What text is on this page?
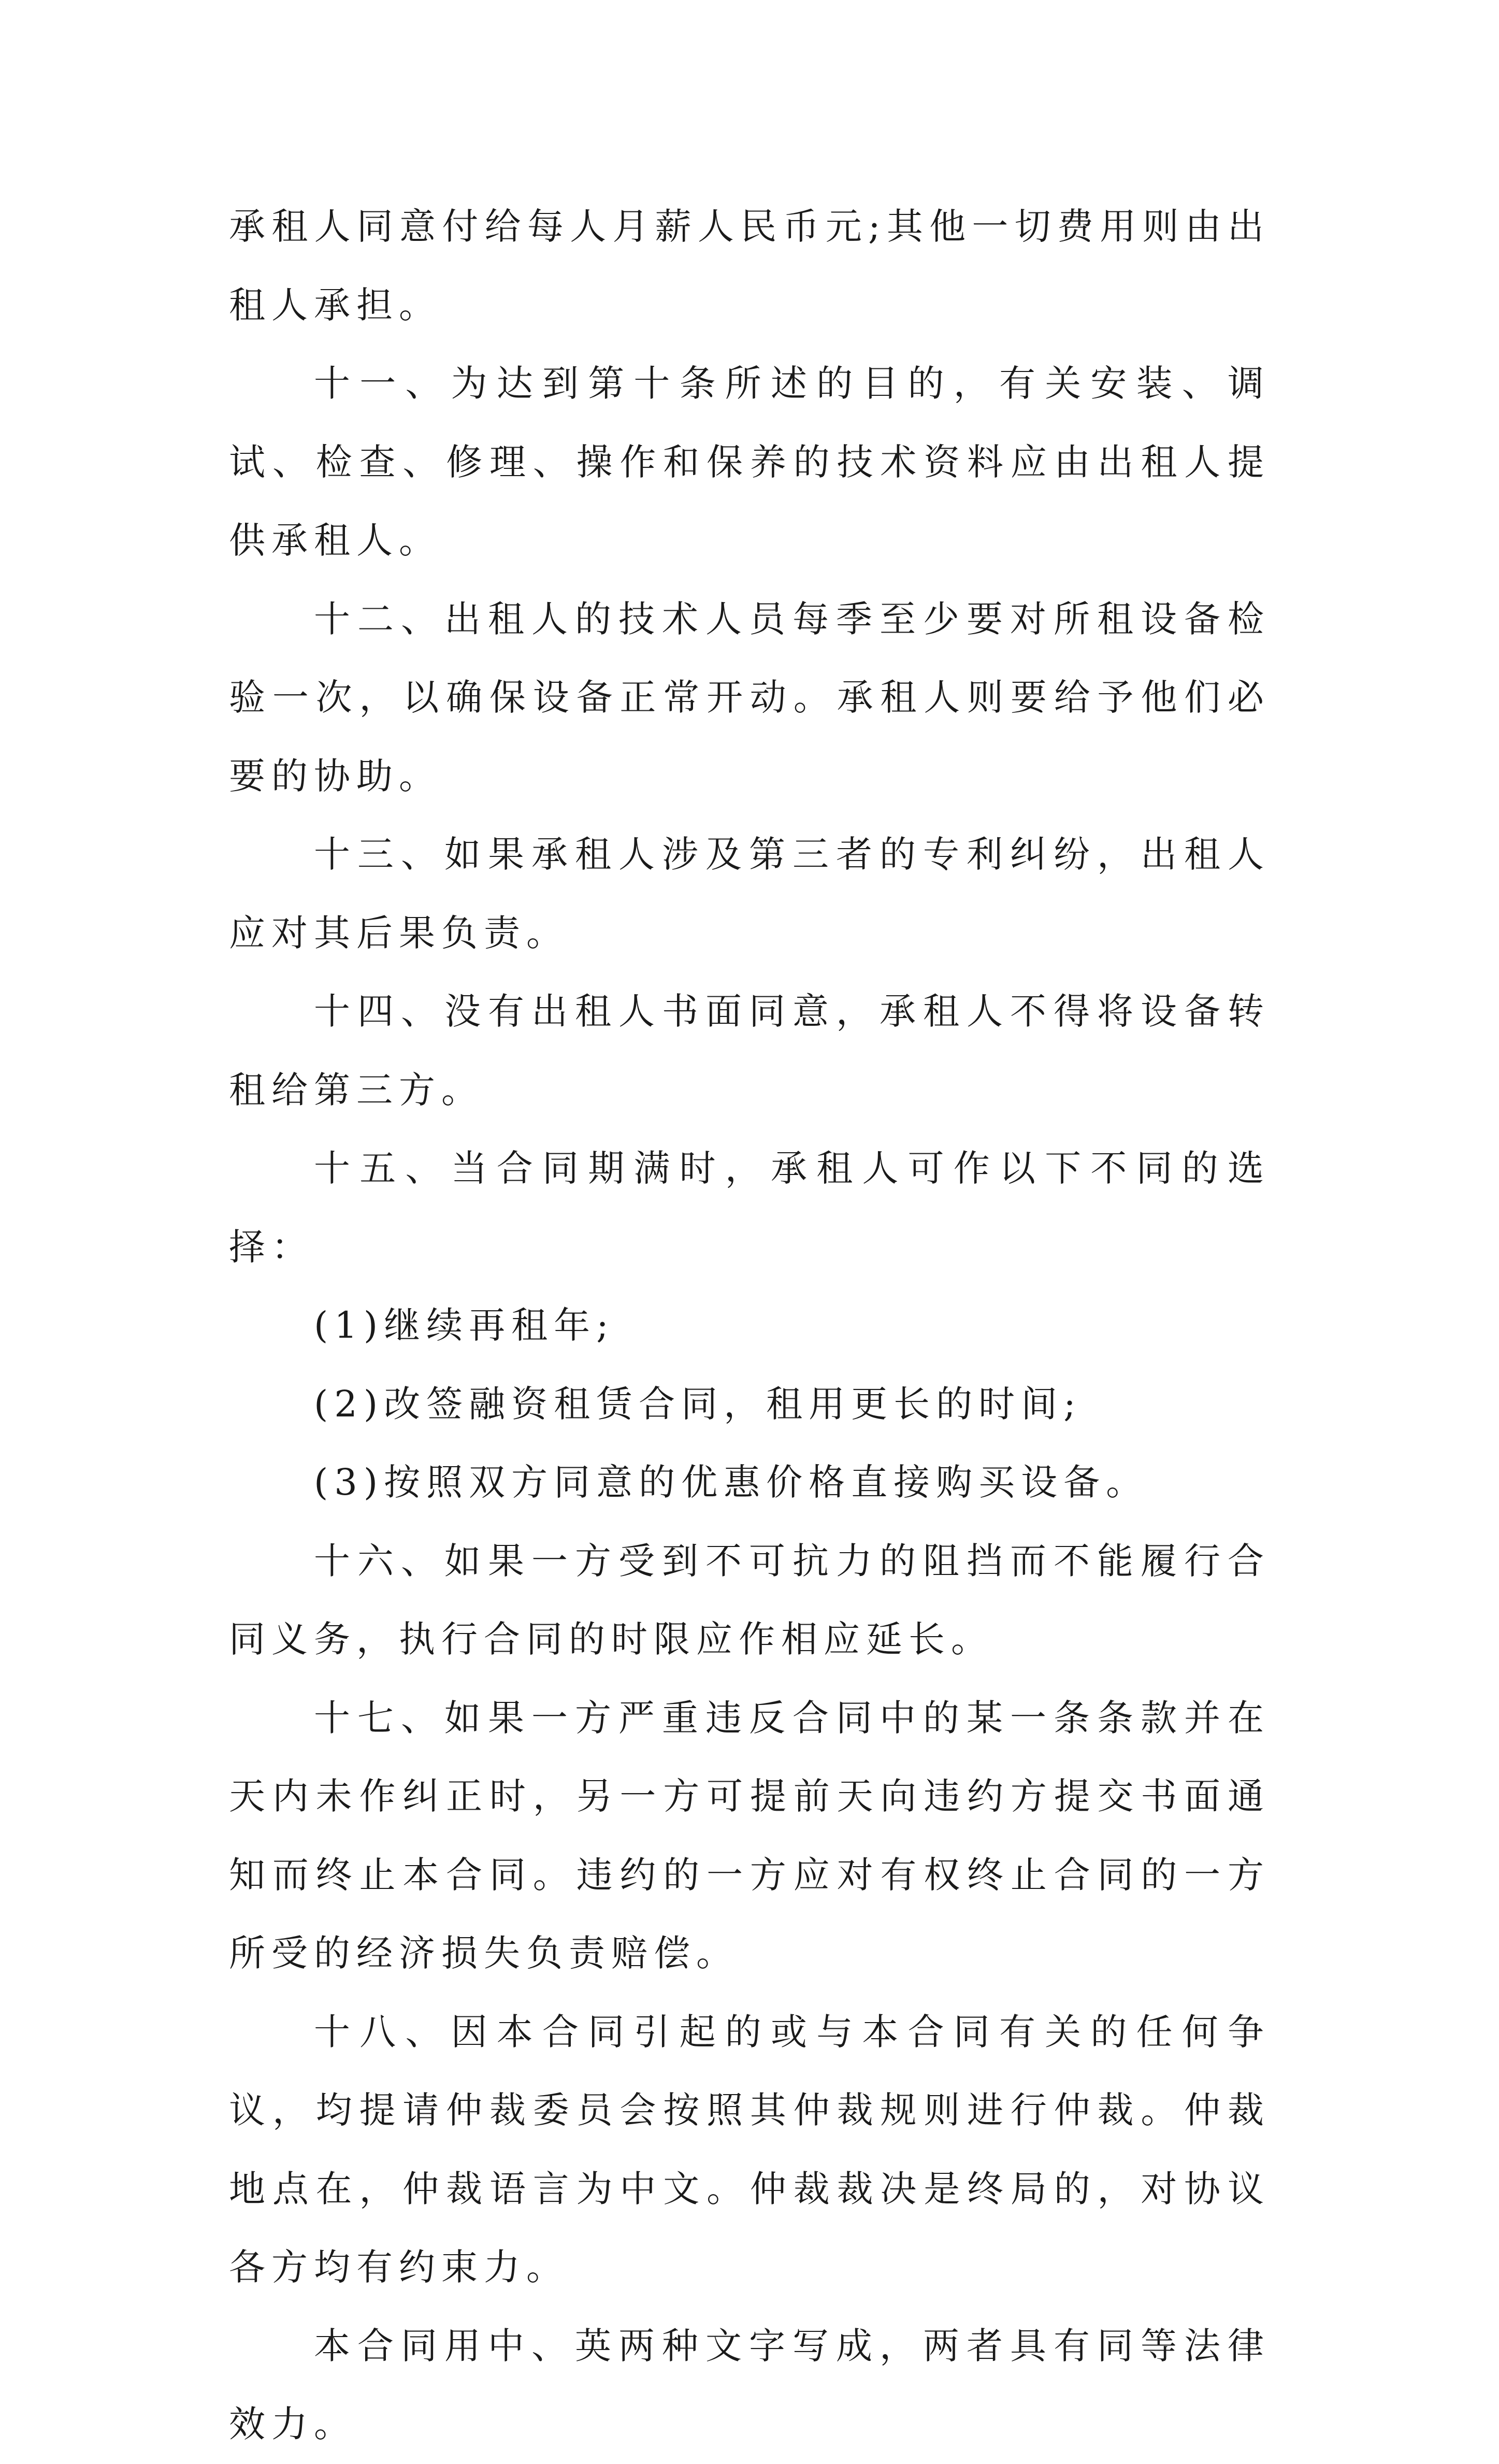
承租人同意付给每人月薪人民币元;其他一切费用则由出租人承担。

十一、为达到第十条所述的目的，有关安装、调试、检查、修理、操作和保养的技术资料应由出租人提供承租人。

十二、出租人的技术人员每季至少要对所租设备检验一次，以确保设备正常开动。承租人则要给予他们必要的协助。

十三、如果承租人涉及第三者的专利纠纷，出租人应对其后果负责。

十四、没有出租人书面同意，承租人不得将设备转租给第三方。

十五、当合同期满时，承租人可作以下不同的选择：

(1)继续再租年;

(2)改签融资租赁合同，租用更长的时间;

(3)按照双方同意的优惠价格直接购买设备。

十六、如果一方受到不可抗力的阻挡而不能履行合同义务，执行合同的时限应作相应延长。

十七、如果一方严重违反合同中的某一条条款并在天内未作纠正时，另一方可提前天向违约方提交书面通知而终止本合同。违约的一方应对有权终止合同的一方所受的经济损失负责赔偿。

十八、因本合同引起的或与本合同有关的任何争议，均提请仲裁委员会按照其仲裁规则进行仲裁。仲裁地点在，仲裁语言为中文。仲裁裁决是终局的，对协议各方均有约束力。

本合同用中、英两种文字写成，两者具有同等法律效力。
